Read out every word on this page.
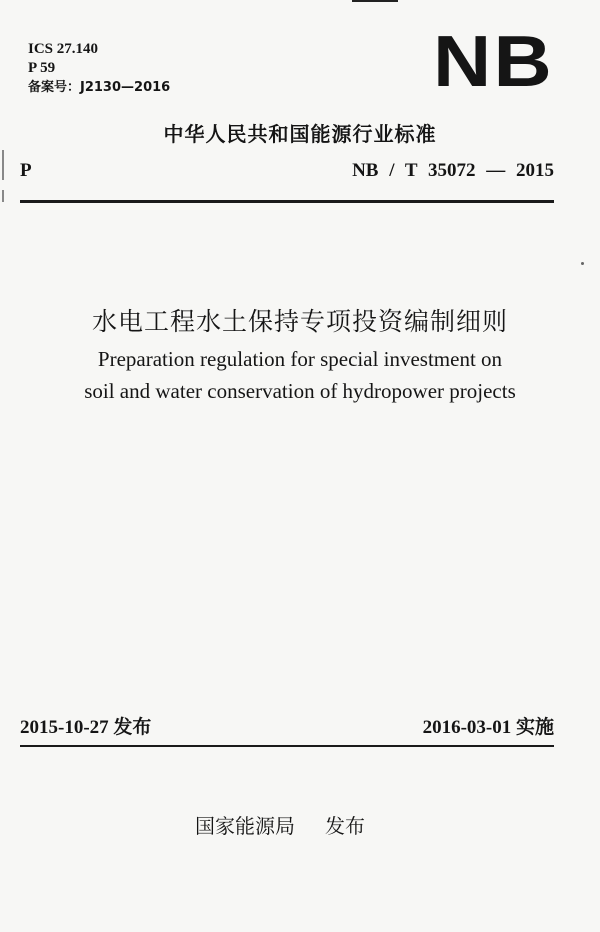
ICS 27.140
P 59
备案号：J2130—2016	NB
中华人民共和国能源行业标准
P	NB / T 35072 — 2015
水电工程水土保持专项投资编制细则
Preparation regulation for special investment on
soil and water conservation of hydropower projects
2015-10-27 发布	2016-03-01 实施
国家能源局 发布
